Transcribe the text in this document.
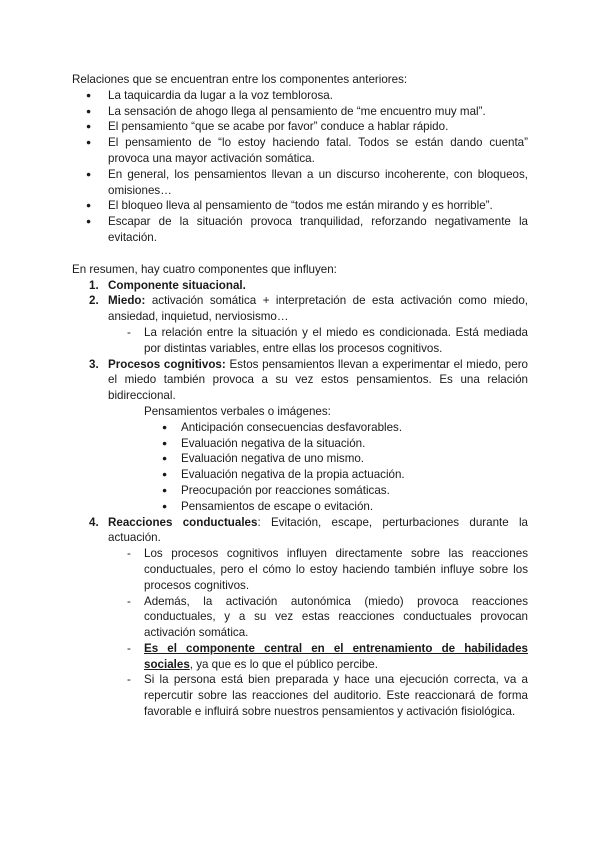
Relaciones que se encuentran entre los componentes anteriores:

● La taquicardia da lugar a la voz temblorosa.
● La sensación de ahogo llega al pensamiento de “me encuentro muy mal”.
● El pensamiento “que se acabe por favor” conduce a hablar rápido.
● El pensamiento de “lo estoy haciendo fatal. Todos se están dando cuenta” provoca una mayor activación somática.
● En general, los pensamientos llevan a un discurso incoherente, con bloqueos, omisiones…
● El bloqueo lleva al pensamiento de “todos me están mirando y es horrible”.
● Escapar de la situación provoca tranquilidad, reforzando negativamente la evitación.

En resumen, hay cuatro componentes que influyen:

1. Componente situacional.
2. Miedo: activación somática + interpretación de esta activación como miedo, ansiedad, inquietud, nerviosismo…
- La relación entre la situación y el miedo es condicionada. Está mediada por distintas variables, entre ellas los procesos cognitivos.
3. Procesos cognitivos: Estos pensamientos llevan a experimentar el miedo, pero el miedo también provoca a su vez estos pensamientos. Es una relación bidireccional.

Pensamientos verbales o imágenes:

● Anticipación consecuencias desfavorables.
● Evaluación negativa de la situación.
● Evaluación negativa de uno mismo.
● Evaluación negativa de la propia actuación.
● Preocupación por reacciones somáticas.
● Pensamientos de escape o evitación.
4. Reacciones conductuales: Evitación, escape, perturbaciones durante la actuación.
- Los procesos cognitivos influyen directamente sobre las reacciones conductuales, pero el cómo lo estoy haciendo también influye sobre los procesos cognitivos.
- Además, la activación autonómica (miedo) provoca reacciones conductuales, y a su vez estas reacciones conductuales provocan activación somática.
- Es el componente central en el entrenamiento de habilidades sociales, ya que es lo que el público percibe.
- Si la persona está bien preparada y hace una ejecución correcta, va a repercutir sobre las reacciones del auditorio. Este reaccionará de forma favorable e influirá sobre nuestros pensamientos y activación fisiológica.
